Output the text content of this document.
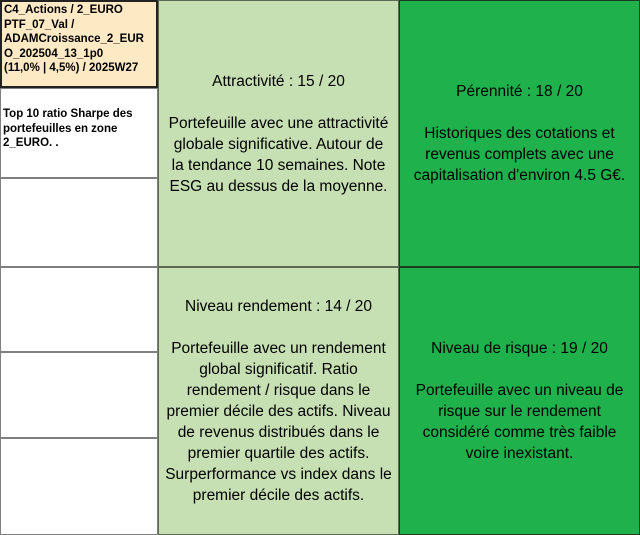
C4_Actions / 2_EURO
PTF_07_Val /
ADAMCroissance_2_EUR
O_202504_13_1p0
(11,0% | 4,5%) / 2025W27
Top 10 ratio Sharpe des
portefeuilles en zone
2_EURO. .
Attractivité : 15 / 20
Portefeuille avec une attractivité
globale significative. Autour de
la tendance 10 semaines. Note
ESG au dessus de la moyenne.
Pérennité : 18 / 20
Historiques des cotations et
revenus complets avec une
capitalisation d'environ 4.5 G€.
Niveau rendement : 14 / 20
Portefeuille avec un rendement
global significatif. Ratio
rendement / risque dans le
premier décile des actifs. Niveau
de revenus distribués dans le
premier quartile des actifs.
Surperformance vs index dans le
premier décile des actifs.
Niveau de risque : 19 / 20
Portefeuille avec un niveau de
risque sur le rendement
considéré comme très faible
voire inexistant.
